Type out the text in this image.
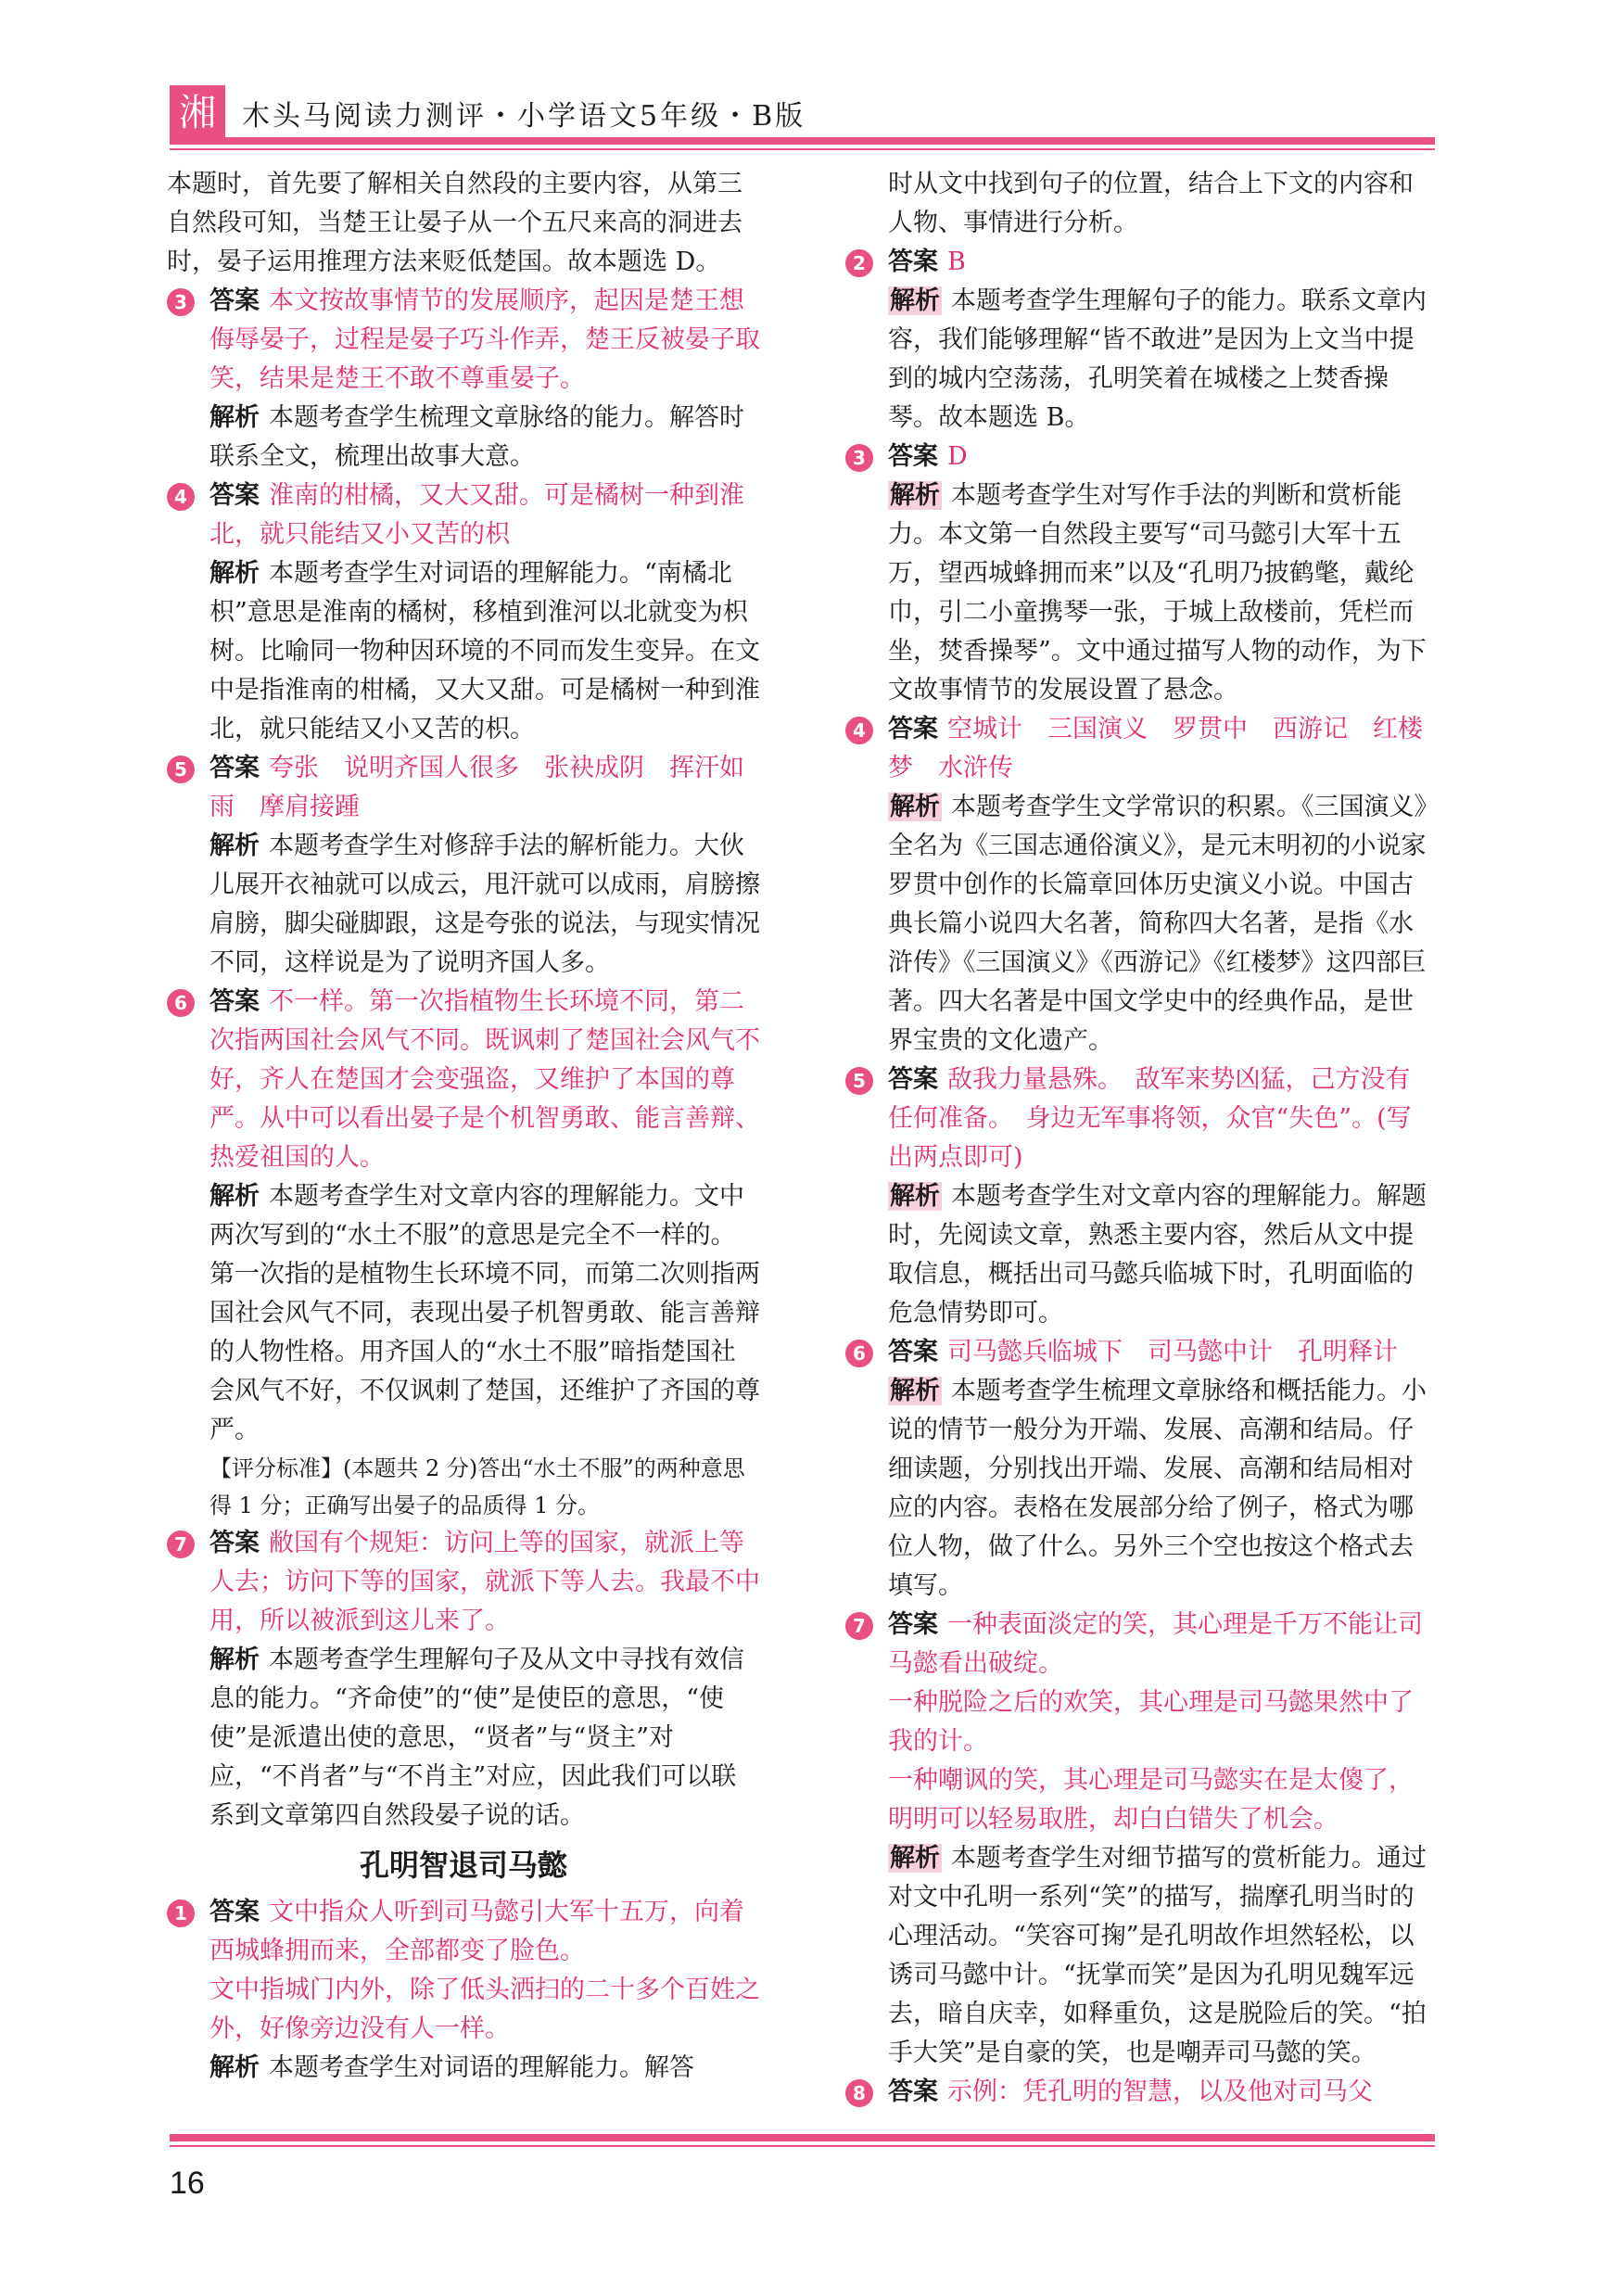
湘 木头马阅读力测评・小学语文5年级・B版

本题时，首先要了解相关自然段的主要内容，从第三自然段可知，当楚王让晏子从一个五尺来高的洞进去时，晏子运用推理方法来贬低楚国。故本题选 D。

3 答案 本文按故事情节的发展顺序，起因是楚王想侮辱晏子，过程是晏子巧斗作弄，楚王反被晏子取笑，结果是楚王不敢不尊重晏子。

解析 本题考查学生梳理文章脉络的能力。解答时联系全文，梳理出故事大意。

4 答案 淮南的柑橘，又大又甜。可是橘树一种到淮北，就只能结又小又苦的枳

解析 本题考查学生对词语的理解能力。“南橘北枳”意思是淮南的橘树，移植到淮河以北就变为枳树。比喻同一物种因环境的不同而发生变异。在文中是指淮南的柑橘，又大又甜。可是橘树一种到淮北，就只能结又小又苦的枳。

5 答案 夸张　说明齐国人很多　张袂成阴　挥汗如雨　摩肩接踵

解析 本题考查学生对修辞手法的解析能力。大伙儿展开衣袖就可以成云，甩汗就可以成雨，肩膀擦肩膀，脚尖碰脚跟，这是夸张的说法，与现实情况不同，这样说是为了说明齐国人多。

6 答案 不一样。第一次指植物生长环境不同，第二次指两国社会风气不同。既讽刺了楚国社会风气不好，齐人在楚国才会变强盗，又维护了本国的尊严。从中可以看出晏子是个机智勇敢、能言善辩、热爱祖国的人。

解析 本题考查学生对文章内容的理解能力。文中两次写到的“水土不服”的意思是完全不一样的。第一次指的是植物生长环境不同，而第二次则指两国社会风气不同，表现出晏子机智勇敢、能言善辩的人物性格。用齐国人的“水土不服”暗指楚国社会风气不好，不仅讽刺了楚国，还维护了齐国的尊严。

【评分标准】(本题共 2 分)答出“水土不服”的两种意思得 1 分；正确写出晏子的品质得 1 分。

7 答案 敝国有个规矩：访问上等的国家，就派上等人去；访问下等的国家，就派下等人去。我最不中用，所以被派到这儿来了。

解析 本题考查学生理解句子及从文中寻找有效信息的能力。“齐命使”的“使”是使臣的意思，“使使”是派遣出使的意思，“贤者”与“贤主”对应，“不肖者”与“不肖主”对应，因此我们可以联系到文章第四自然段晏子说的话。

孔明智退司马懿
1 答案 文中指众人听到司马懿引大军十五万，向着西城蜂拥而来，全部都变了脸色。

文中指城门内外，除了低头洒扫的二十多个百姓之外，好像旁边没有人一样。

解析 本题考查学生对词语的理解能力。解答

时从文中找到句子的位置，结合上下文的内容和人物、事情进行分析。

2 答案 B

解析 本题考查学生理解句子的能力。联系文章内容，我们能够理解“皆不敢进”是因为上文当中提到的城内空荡荡，孔明笑着在城楼之上焚香操琴。故本题选 B。

3 答案 D

解析 本题考查学生对写作手法的判断和赏析能力。本文第一自然段主要写“司马懿引大军十五万，望西城蜂拥而来”以及“孔明乃披鹤氅，戴纶巾，引二小童携琴一张，于城上敌楼前，凭栏而坐，焚香操琴”。文中通过描写人物的动作，为下文故事情节的发展设置了悬念。

4 答案 空城计　三国演义　罗贯中　西游记　红楼梦　水浒传

解析 本题考查学生文学常识的积累。《三国演义》全名为《三国志通俗演义》，是元末明初的小说家罗贯中创作的长篇章回体历史演义小说。中国古典长篇小说四大名著，简称四大名著，是指《水浒传》《三国演义》《西游记》《红楼梦》这四部巨著。四大名著是中国文学史中的经典作品，是世界宝贵的文化遗产。

5 答案 敌我力量悬殊。　敌军来势凶猛，己方没有任何准备。　身边无军事将领，众官“失色”。(写出两点即可)

解析 本题考查学生对文章内容的理解能力。解题时，先阅读文章，熟悉主要内容，然后从文中提取信息，概括出司马懿兵临城下时，孔明面临的危急情势即可。

6 答案 司马懿兵临城下　司马懿中计　孔明释计

解析 本题考查学生梳理文章脉络和概括能力。小说的情节一般分为开端、发展、高潮和结局。仔细读题，分别找出开端、发展、高潮和结局相对应的内容。表格在发展部分给了例子，格式为哪位人物，做了什么。另外三个空也按这个格式去填写。

7 答案 一种表面淡定的笑，其心理是千万不能让司马懿看出破绽。

一种脱险之后的欢笑，其心理是司马懿果然中了我的计。

一种嘲讽的笑，其心理是司马懿实在是太傻了，明明可以轻易取胜，却白白错失了机会。

解析 本题考查学生对细节描写的赏析能力。通过对文中孔明一系列“笑”的描写，揣摩孔明当时的心理活动。“笑容可掬”是孔明故作坦然轻松，以诱司马懿中计。“抚掌而笑”是因为孔明见魏军远去，暗自庆幸，如释重负，这是脱险后的笑。“拍手大笑”是自豪的笑，也是嘲弄司马懿的笑。

8 答案 示例：凭孔明的智慧，以及他对司马父

16
